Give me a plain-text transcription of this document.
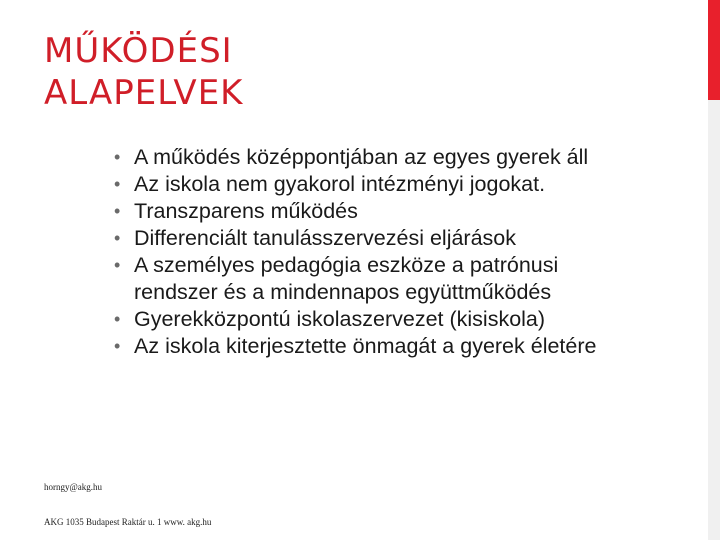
MŰKÖDÉSI
ALAPELVEK
• A működés középpontjában az egyes gyerek áll
• Az iskola nem gyakorol intézményi jogokat.
• Transzparens működés
• Differenciált tanulásszervezési eljárások
• A személyes pedagógia eszköze a patrónusi rendszer és a mindennapos együttműködés
• Gyerekközpontú iskolaszervezet (kisiskola)
• Az iskola kiterjesztette önmagát a gyerek életére
horngy@akg.hu
AKG 1035 Budapest Raktár u. 1 www. akg.hu
